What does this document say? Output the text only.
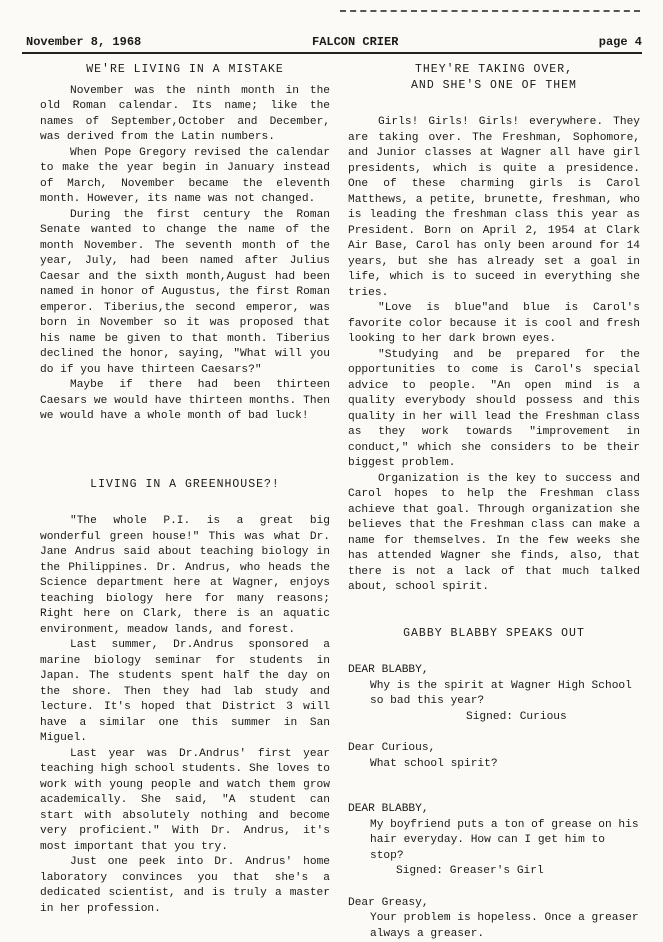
November 8, 1968	FALCON CRIER	page 4

WE'RE LIVING IN A MISTAKE

November was the ninth month in the old Roman calendar. Its name; like the names of September,October and December, was derived from the Latin numbers.

When Pope Gregory revised the calendar to make the year begin in January instead of March, November became the eleventh month. However, its name was not changed.

During the first century the Roman Senate wanted to change the name of the month November. The seventh month of the year, July, had been named after Julius Caesar and the sixth month,August had been named in honor of Augustus, the first Roman emperor. Tiberius,the second emperor, was born in November so it was proposed that his name be given to that month. Tiberius declined the honor, saying, "What will you do if you have thirteen Caesars?"

Maybe if there had been thirteen Caesars we would have thirteen months. Then we would have a whole month of bad luck!

LIVING IN A GREENHOUSE?!

"The whole P.I. is a great big wonderful green house!" This was what Dr. Jane Andrus said about teaching biology in the Philippines. Dr. Andrus, who heads the Science department here at Wagner, enjoys teaching biology here for many reasons; Right here on Clark, there is an aquatic environment, meadow lands, and forest.

Last summer, Dr.Andrus sponsored a marine biology seminar for students in Japan. The students spent half the day on the shore. Then they had lab study and lecture. It's hoped that District 3 will have a similar one this summer in San Miguel.

Last year was Dr.Andrus' first year teaching high school students. She loves to work with young people and watch them grow academically. She said, "A student can start with absolutely nothing and become very proficient." With Dr. Andrus, it's most important that you try.

Just one peek into Dr. Andrus' home laboratory convinces you that she's a dedicated scientist, and is truly a master in her profession.

THEY'RE TAKING OVER,
AND SHE'S ONE OF THEM

Girls! Girls! Girls! everywhere. They are taking over. The Freshman, Sophomore, and Junior classes at Wagner all have girl presidents, which is quite a presidence. One of these charming girls is Carol Matthews, a petite, brunette, freshman, who is leading the freshman class this year as President. Born on April 2, 1954 at Clark Air Base, Carol has only been around for 14 years, but she has already set a goal in life, which is to suceed in everything she tries.

"Love is blue"and blue is Carol's favorite color because it is cool and fresh looking to her dark brown eyes.

"Studying and be prepared for the opportunities to come is Carol's special advice to people. "An open mind is a quality everybody should possess and this quality in her will lead the Freshman class as they work towards "improvement in conduct," which she considers to be their biggest problem.

Organization is the key to success and Carol hopes to help the Freshman class achieve that goal. Through organization she believes that the Freshman class can make a name for themselves. In the few weeks she has attended Wagner she finds, also, that there is not a lack of that much talked about, school spirit.

GABBY BLABBY SPEAKS OUT

DEAR BLABBY,

Why is the spirit at Wagner High School so bad this year?

Signed: Curious

Dear Curious,

What school spirit?

DEAR BLABBY,

My boyfriend puts a ton of grease on his hair everyday. How can I get him to stop?

Signed: Greaser's Girl

Dear Greasy,

Your problem is hopeless. Once a greaser always a greaser.
